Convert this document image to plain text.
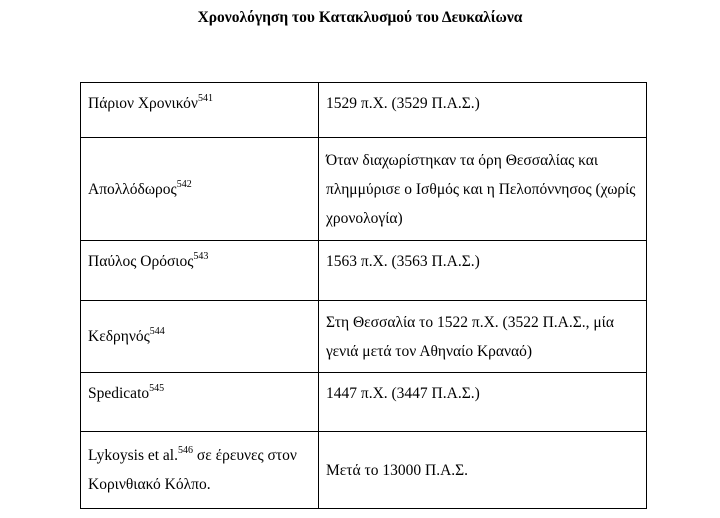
Χρονολόγηση του Κατακλυσμού του Δευκαλίωνα
Πάριον Χρονικόν$^{541}$	1529 π.Χ. (3529 Π.Α.Σ.)
Απολλόδωρος$^{542}$	Όταν διαχωρίστηκαν τα όρη Θεσσαλίας και πλημμύρισε ο Ισθμός και η Πελοπόννησος (χωρίς χρονολογία)
Παύλος Ορόσιος$^{543}$	1563 π.Χ. (3563 Π.Α.Σ.)
Κεδρηνός$^{544}$	Στη Θεσσαλία το 1522 π.Χ. (3522 Π.Α.Σ., μία γενιά μετά τον Αθηναίο Κραναό)
Spedicato$^{545}$	1447 π.Χ. (3447 Π.Α.Σ.)
Lykoysis et al.$^{546}$ σε έρευνες στον Κορινθιακό Κόλπο.	Μετά το 13000 Π.Α.Σ.
